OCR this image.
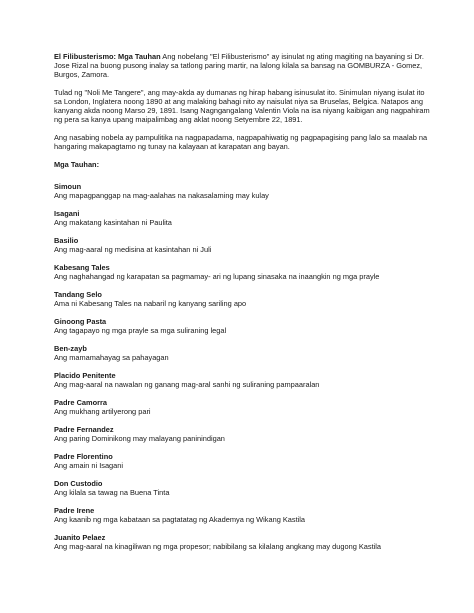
El Filibusterismo: Mga Tauhan Ang nobelang "El Filibusterismo" ay isinulat ng ating magiting na bayaning si Dr. Jose Rizal na buong pusong inalay sa tatlong paring martir, na lalong kilala sa bansag na GOMBURZA - Gomez, Burgos, Zamora.

Tulad ng "Noli Me Tangere", ang may-akda ay dumanas ng hirap habang isinusulat ito. Sinimulan niyang isulat ito sa London, Inglatera noong 1890 at ang malaking bahagi nito ay naisulat niya sa Bruselas, Belgica. Natapos ang kanyang akda noong Marso 29, 1891. Isang Nagngangalang Valentin Viola na isa niyang kaibigan ang nagpahiram ng pera sa kanya upang maipalimbag ang aklat noong Setyembre 22, 1891.

Ang nasabing nobela ay pampulitika na nagpapadama, nagpapahiwatig ng pagpapagising pang lalo sa maalab na hangaring makapagtamo ng tunay na kalayaan at karapatan ang bayan.

Mga Tauhan:
Simoun
Ang mapagpanggap na mag-aalahas na nakasalaming may kulay
Isagani
Ang makatang kasintahan ni Paulita
Basilio
Ang mag-aaral ng medisina at kasintahan ni Juli
Kabesang Tales
Ang naghahangad ng karapatan sa pagmamay- ari ng lupang sinasaka na inaangkin ng mga prayle
Tandang Selo
Ama ni Kabesang Tales na nabaril ng kanyang sariling apo
Ginoong Pasta
Ang tagapayo ng mga prayle sa mga suliraning legal
Ben-zayb
Ang mamamahayag sa pahayagan
Placido Penitente
Ang mag-aaral na nawalan ng ganang mag-aral sanhi ng suliraning pampaaralan
Padre Camorra
Ang mukhang artilyerong pari
Padre Fernandez
Ang paring Dominikong may malayang paninindigan
Padre Florentino
Ang amain ni Isagani
Don Custodio
Ang kilala sa tawag na Buena Tinta
Padre Irene
Ang kaanib ng mga kabataan sa pagtatatag ng Akademya ng Wikang Kastila
Juanito Pelaez
Ang mag-aaral na kinagiliwan ng mga propesor; nabibilang sa kilalang angkang may dugong Kastila
